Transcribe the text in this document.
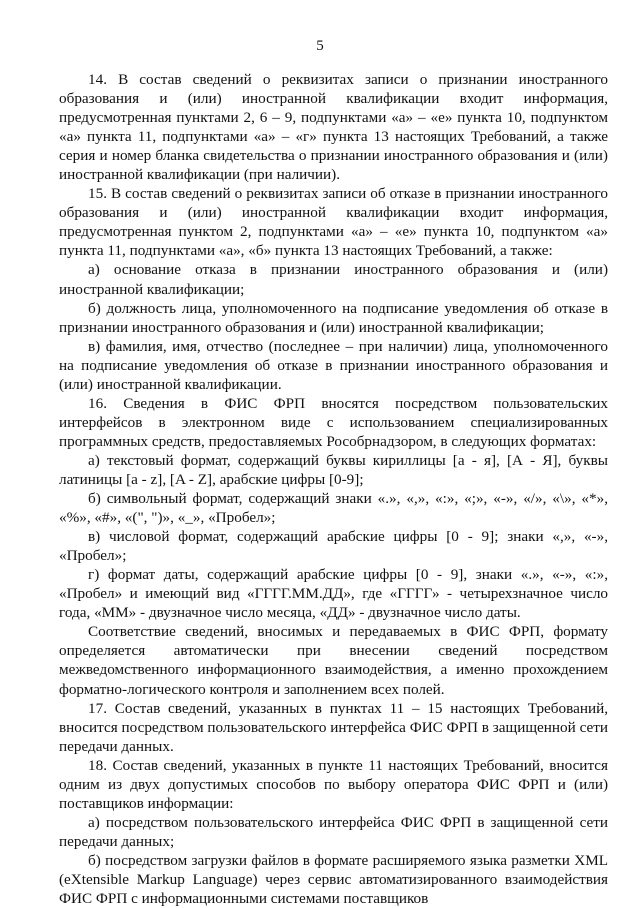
5

14. В состав сведений о реквизитах записи о признании иностранного образования и (или) иностранной квалификации входит информация, предусмотренная пунктами 2, 6 – 9, подпунктами «а» – «е» пункта 10, подпунктом «а» пункта 11, подпунктами «а» – «г» пункта 13 настоящих Требований, а также серия и номер бланка свидетельства о признании иностранного образования и (или) иностранной квалификации (при наличии).

15. В состав сведений о реквизитах записи об отказе в признании иностранного образования и (или) иностранной квалификации входит информация, предусмотренная пунктом 2, подпунктами «а» – «е» пункта 10, подпунктом «а» пункта 11, подпунктами «а», «б» пункта 13 настоящих Требований, а также:

а) основание отказа в признании иностранного образования и (или) иностранной квалификации;

б) должность лица, уполномоченного на подписание уведомления об отказе в признании иностранного образования и (или) иностранной квалификации;

в) фамилия, имя, отчество (последнее – при наличии) лица, уполномоченного на подписание уведомления об отказе в признании иностранного образования и (или) иностранной квалификации.

16. Сведения в ФИС ФРП вносятся посредством пользовательских интерфейсов в электронном виде с использованием специализированных программных средств, предоставляемых Рособрнадзором, в следующих форматах:

а) текстовый формат, содержащий буквы кириллицы [а - я], [А - Я], буквы латиницы [a - z], [A - Z], арабские цифры [0-9];

б) символьный формат, содержащий знаки «.», «,», «:», «;», «-», «/», «\», «*», «%», «#», «(", ")», «_», «Пробел»;

в) числовой формат, содержащий арабские цифры [0 - 9]; знаки «,», «-», «Пробел»;

г) формат даты, содержащий арабские цифры [0 - 9], знаки «.», «-», «:», «Пробел» и имеющий вид «ГГГГ.ММ.ДД», где «ГГГГ» - четырехзначное число года, «ММ» - двузначное число месяца, «ДД» - двузначное число даты.

Соответствие сведений, вносимых и передаваемых в ФИС ФРП, формату определяется автоматически при внесении сведений посредством межведомственного информационного взаимодействия, а именно прохождением форматно-логического контроля и заполнением всех полей.

17. Состав сведений, указанных в пунктах 11 – 15 настоящих Требований, вносится посредством пользовательского интерфейса ФИС ФРП в защищенной сети передачи данных.

18. Состав сведений, указанных в пункте 11 настоящих Требований, вносится одним из двух допустимых способов по выбору оператора ФИС ФРП и (или) поставщиков информации:

а) посредством пользовательского интерфейса ФИС ФРП в защищенной сети передачи данных;

б) посредством загрузки файлов в формате расширяемого языка разметки XML (eXtensible Markup Language) через сервис автоматизированного взаимодействия ФИС ФРП с информационными системами поставщиков
